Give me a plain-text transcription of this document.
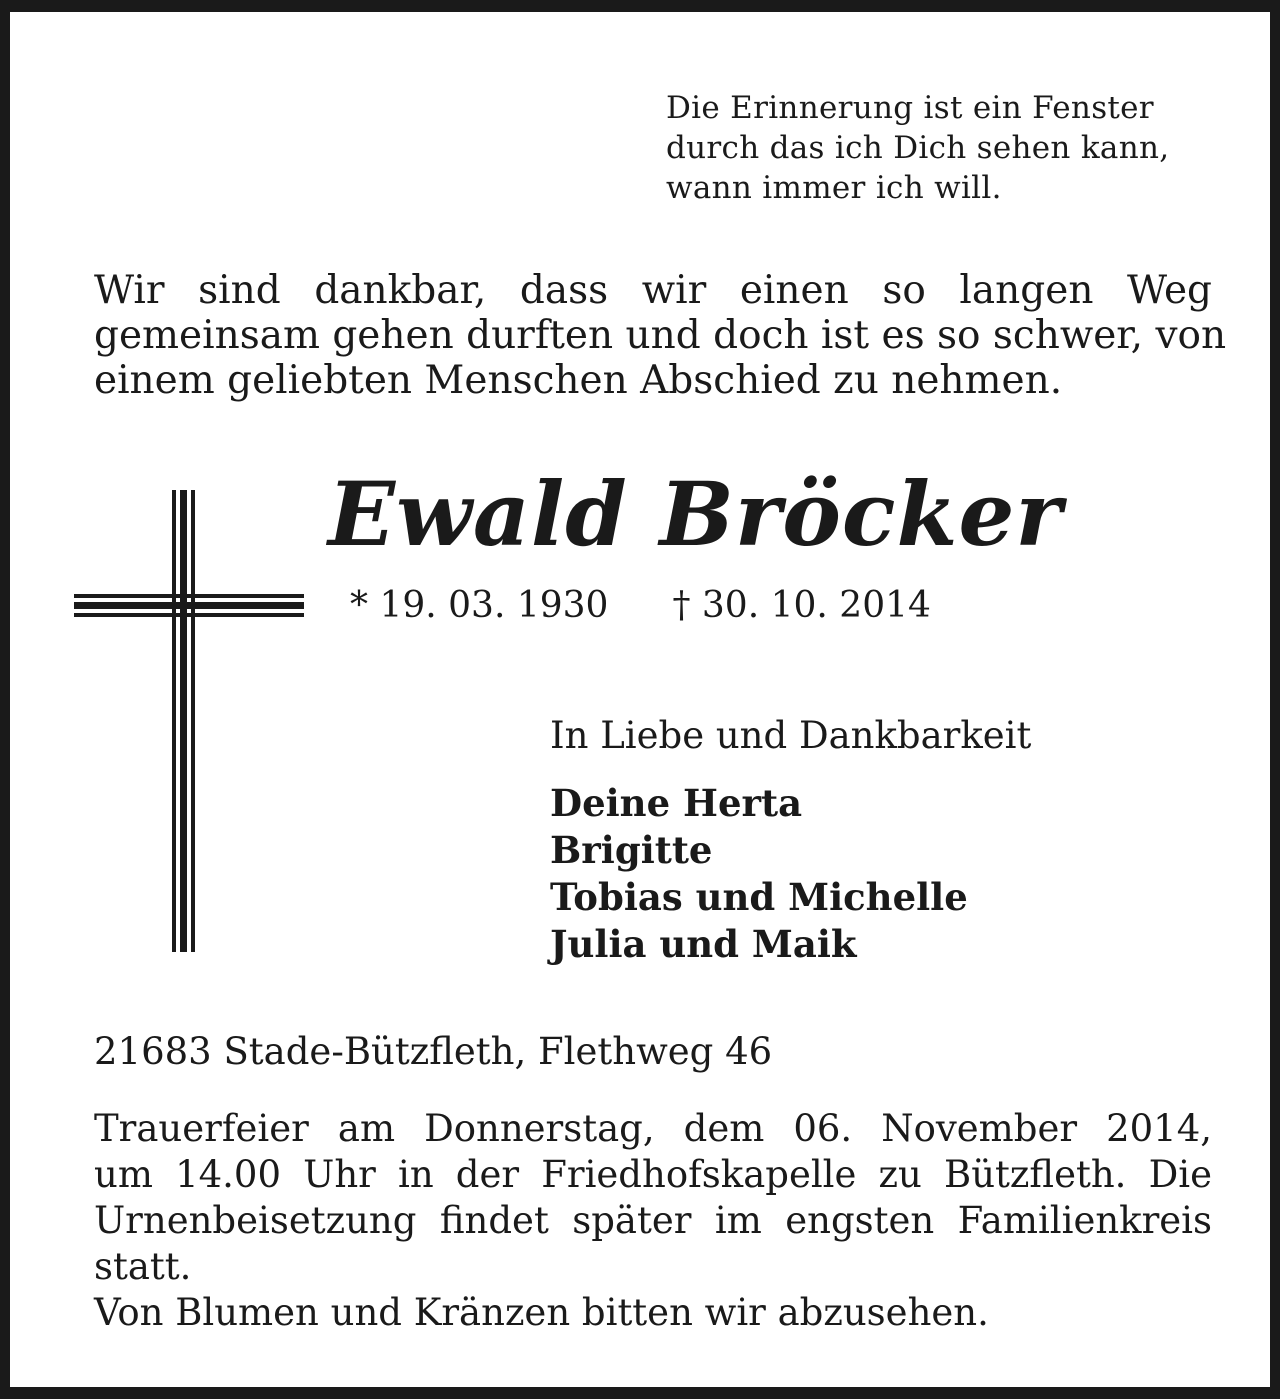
Die Erinnerung ist ein Fenster
durch das ich Dich sehen kann,
wann immer ich will.
Wir sind dankbar, dass wir einen so langen Weg
gemeinsam gehen durften und doch ist es so schwer, von
einem geliebten Menschen Abschied zu nehmen.
Ewald Bröcker
* 19. 03. 1930 † 30. 10. 2014
In Liebe und Dankbarkeit
Deine Herta
Brigitte
Tobias und Michelle
Julia und Maik
21683 Stade-Bützfleth, Flethweg 46
Trauerfeier am Donnerstag, dem 06. November 2014,
um 14.00 Uhr in der Friedhofskapelle zu Bützfleth. Die
Urnenbeisetzung findet später im engsten Familienkreis
statt.
Von Blumen und Kränzen bitten wir abzusehen.
